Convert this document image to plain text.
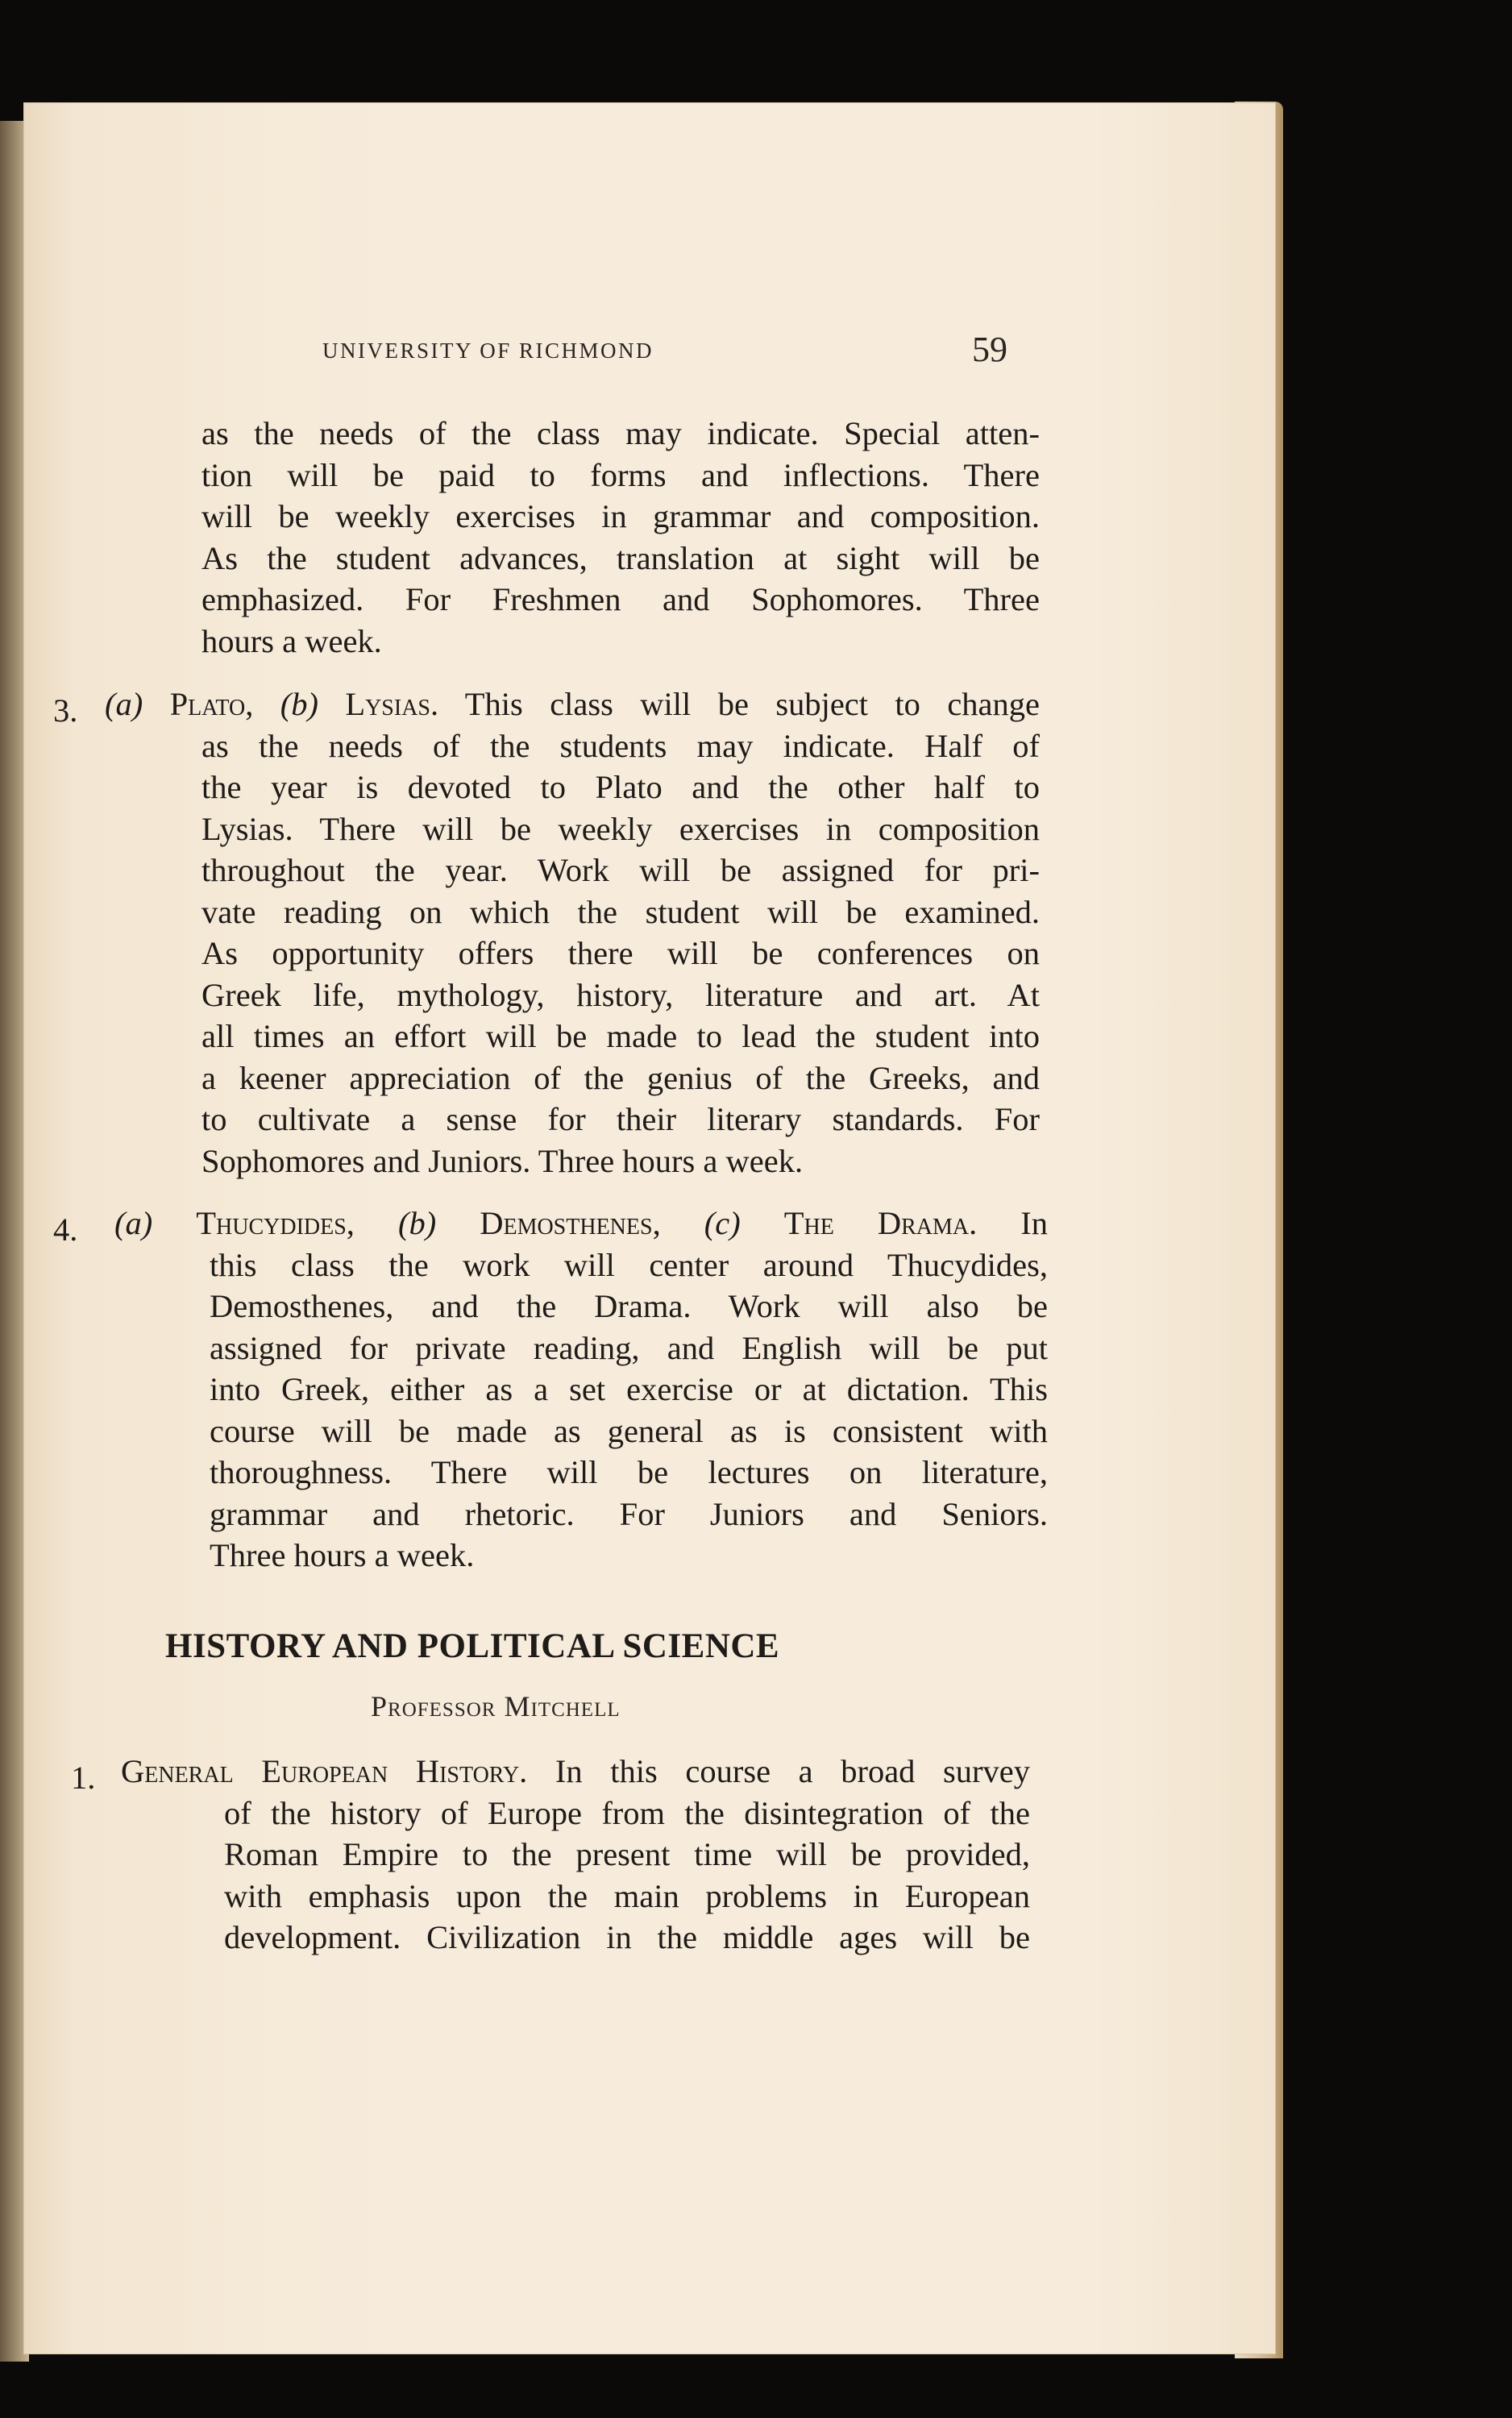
UNIVERSITY OF RICHMOND	59
as the needs of the class may indicate. Special atten-
tion will be paid to forms and inflections. There
will be weekly exercises in grammar and composition.
As the student advances, translation at sight will be
emphasized. For Freshmen and Sophomores. Three
hours a week.
3. (a) Plato, (b) Lysias. This class will be subject to change
as the needs of the students may indicate. Half of
the year is devoted to Plato and the other half to
Lysias. There will be weekly exercises in composition
throughout the year. Work will be assigned for pri-
vate reading on which the student will be examined.
As opportunity offers there will be conferences on
Greek life, mythology, history, literature and art. At
all times an effort will be made to lead the student into
a keener appreciation of the genius of the Greeks, and
to cultivate a sense for their literary standards. For
Sophomores and Juniors. Three hours a week.
4. (a) Thucydides, (b) Demosthenes, (c) The Drama. In
this class the work will center around Thucydides,
Demosthenes, and the Drama. Work will also be
assigned for private reading, and English will be put
into Greek, either as a set exercise or at dictation. This
course will be made as general as is consistent with
thoroughness. There will be lectures on literature,
grammar and rhetoric. For Juniors and Seniors.
Three hours a week.
HISTORY AND POLITICAL SCIENCE
Professor Mitchell
1. General European History. In this course a broad survey
of the history of Europe from the disintegration of the
Roman Empire to the present time will be provided,
with emphasis upon the main problems in European
development. Civilization in the middle ages will be
